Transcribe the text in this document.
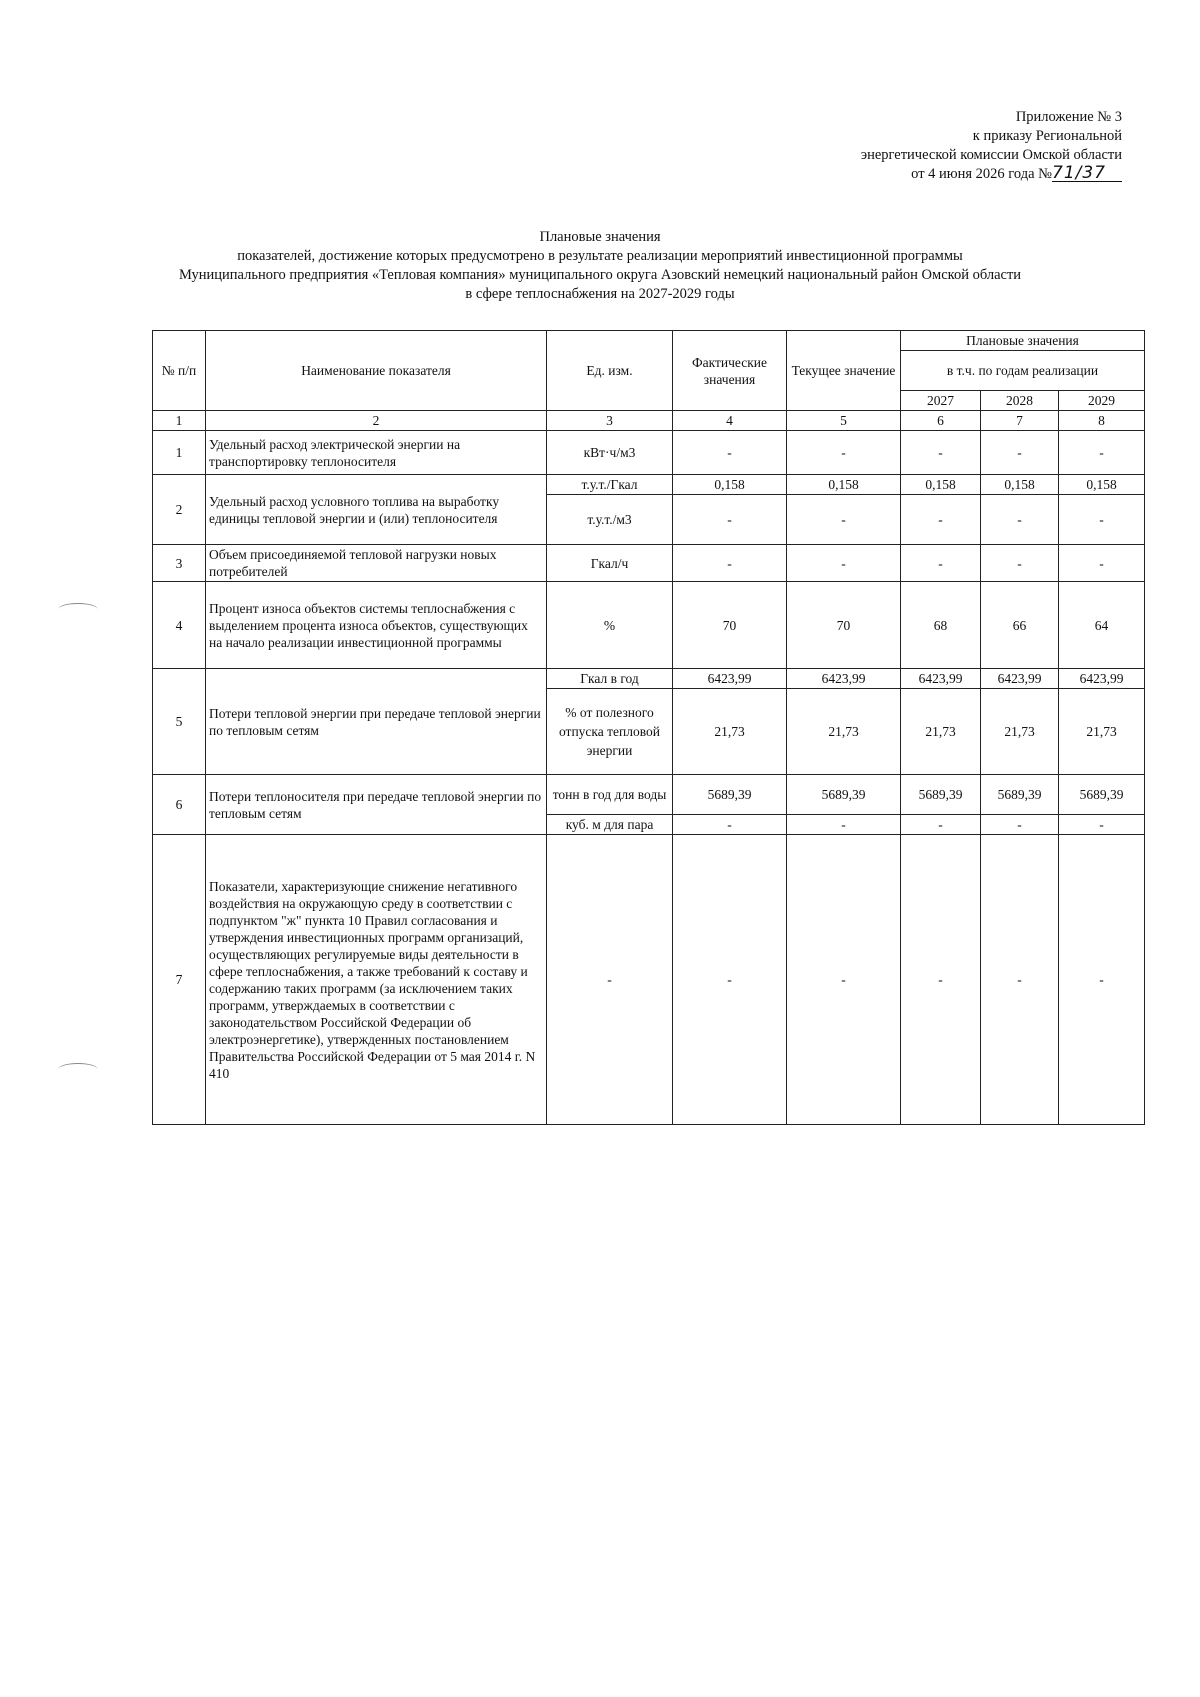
Приложение № 3
к приказу Региональной
энергетической комиссии Омской области
от 4 июня 2026 года №71/37
Плановые значения
показателей, достижение которых предусмотрено в результате реализации мероприятий инвестиционной программы
Муниципального предприятия «Тепловая компания» муниципального округа Азовский немецкий национальный район Омской области
в сфере теплоснабжения на 2027-2029 годы
№ п/п	Наименование показателя	Ед. изм.	Фактические значения	Текущее значение	Плановые значения		
					в т.ч. по годам реализации		
					2027	2028	2029
1	2	3	4	5	6	7	8
1	Удельный расход электрической энергии на транспортировку теплоносителя	кВт·ч/м3	-	-	-	-	-
2	Удельный расход условного топлива на выработку единицы тепловой энергии и (или) теплоносителя	т.у.т./Гкал	0,158	0,158	0,158	0,158	0,158
		т.у.т./м3	-	-	-	-	-
3	Объем присоединяемой тепловой нагрузки новых потребителей	Гкал/ч	-	-	-	-	-
4	Процент износа объектов системы теплоснабжения с выделением процента износа объектов, существующих на начало реализации инвестиционной программы	%	70	70	68	66	64
5	Потери тепловой энергии при передаче тепловой энергии по тепловым сетям	Гкал в год	6423,99	6423,99	6423,99	6423,99	6423,99
		% от полезного отпуска тепловой энергии	21,73	21,73	21,73	21,73	21,73
6	Потери теплоносителя при передаче тепловой энергии по тепловым сетям	тонн в год для воды	5689,39	5689,39	5689,39	5689,39	5689,39
		куб. м для пара	-	-	-	-	-
7	Показатели, характеризующие снижение негативного воздействия на окружающую среду в соответствии с подпунктом "ж" пункта 10 Правил согласования и утверждения инвестиционных программ организаций, осуществляющих регулируемые виды деятельности в сфере теплоснабжения, а также требований к составу и содержанию таких программ (за исключением таких программ, утверждаемых в соответствии с законодательством Российской Федерации об электроэнергетике), утвержденных постановлением Правительства Российской Федерации от 5 мая 2014 г. N 410	-	-	-	-	-	-
